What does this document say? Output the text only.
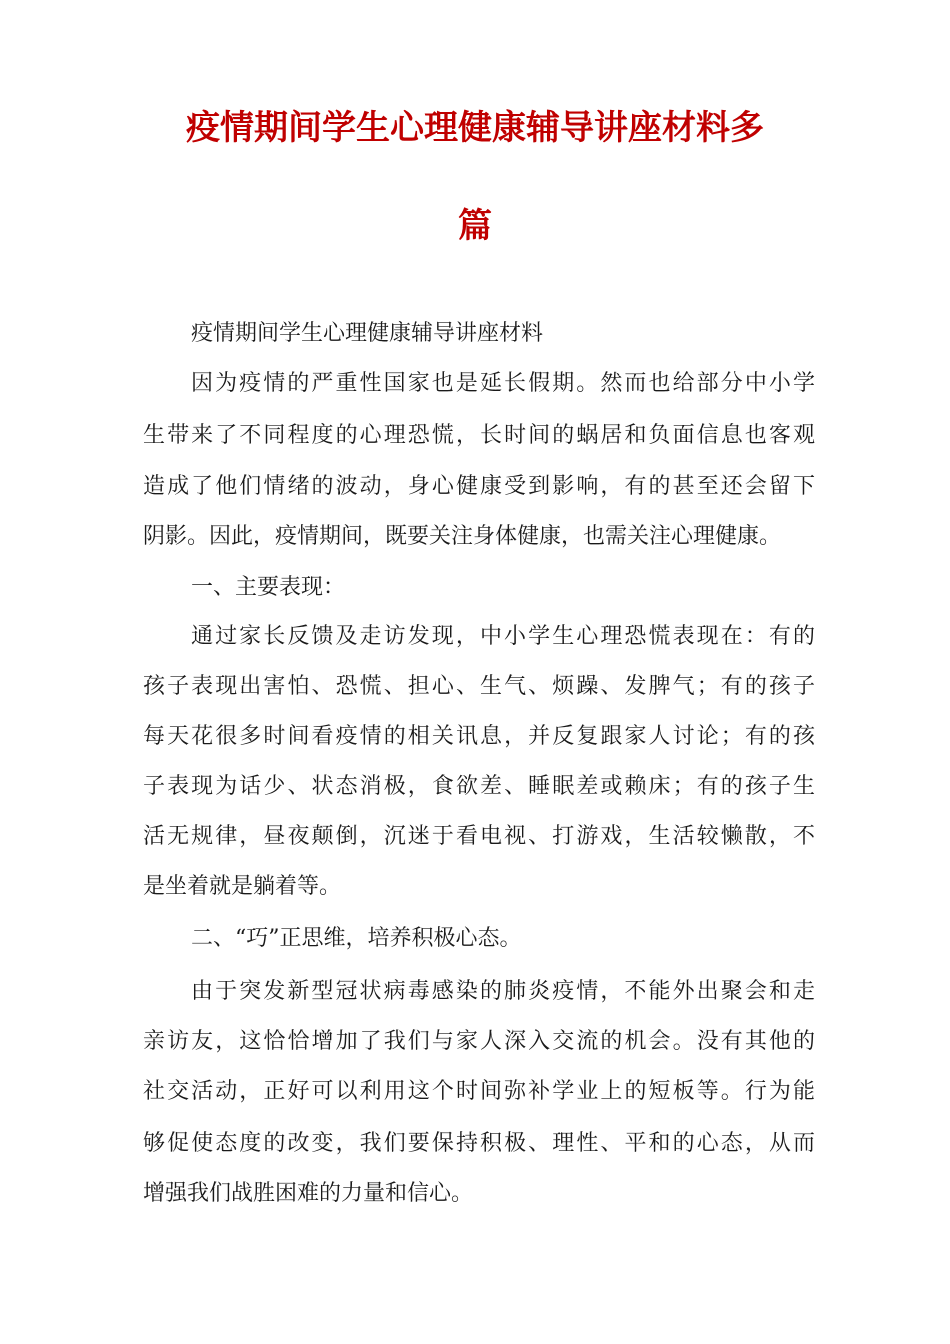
疫情期间学生心理健康辅导讲座材料多
篇

疫情期间学生心理健康辅导讲座材料

因为疫情的严重性国家也是延长假期。然而也给部分中小学

生带来了不同程度的心理恐慌，长时间的蜗居和负面信息也客观

造成了他们情绪的波动，身心健康受到影响，有的甚至还会留下

阴影。因此，疫情期间，既要关注身体健康，也需关注心理健康。

一、主要表现：

通过家长反馈及走访发现，中小学生心理恐慌表现在：有的

孩子表现出害怕、恐慌、担心、生气、烦躁、发脾气；有的孩子

每天花很多时间看疫情的相关讯息，并反复跟家人讨论；有的孩

子表现为话少、状态消极，食欲差、睡眠差或赖床；有的孩子生

活无规律，昼夜颠倒，沉迷于看电视、打游戏，生活较懒散，不

是坐着就是躺着等。

二、“巧”正思维，培养积极心态。

由于突发新型冠状病毒感染的肺炎疫情，不能外出聚会和走

亲访友，这恰恰增加了我们与家人深入交流的机会。没有其他的

社交活动，正好可以利用这个时间弥补学业上的短板等。行为能

够促使态度的改变，我们要保持积极、理性、平和的心态，从而

增强我们战胜困难的力量和信心。
